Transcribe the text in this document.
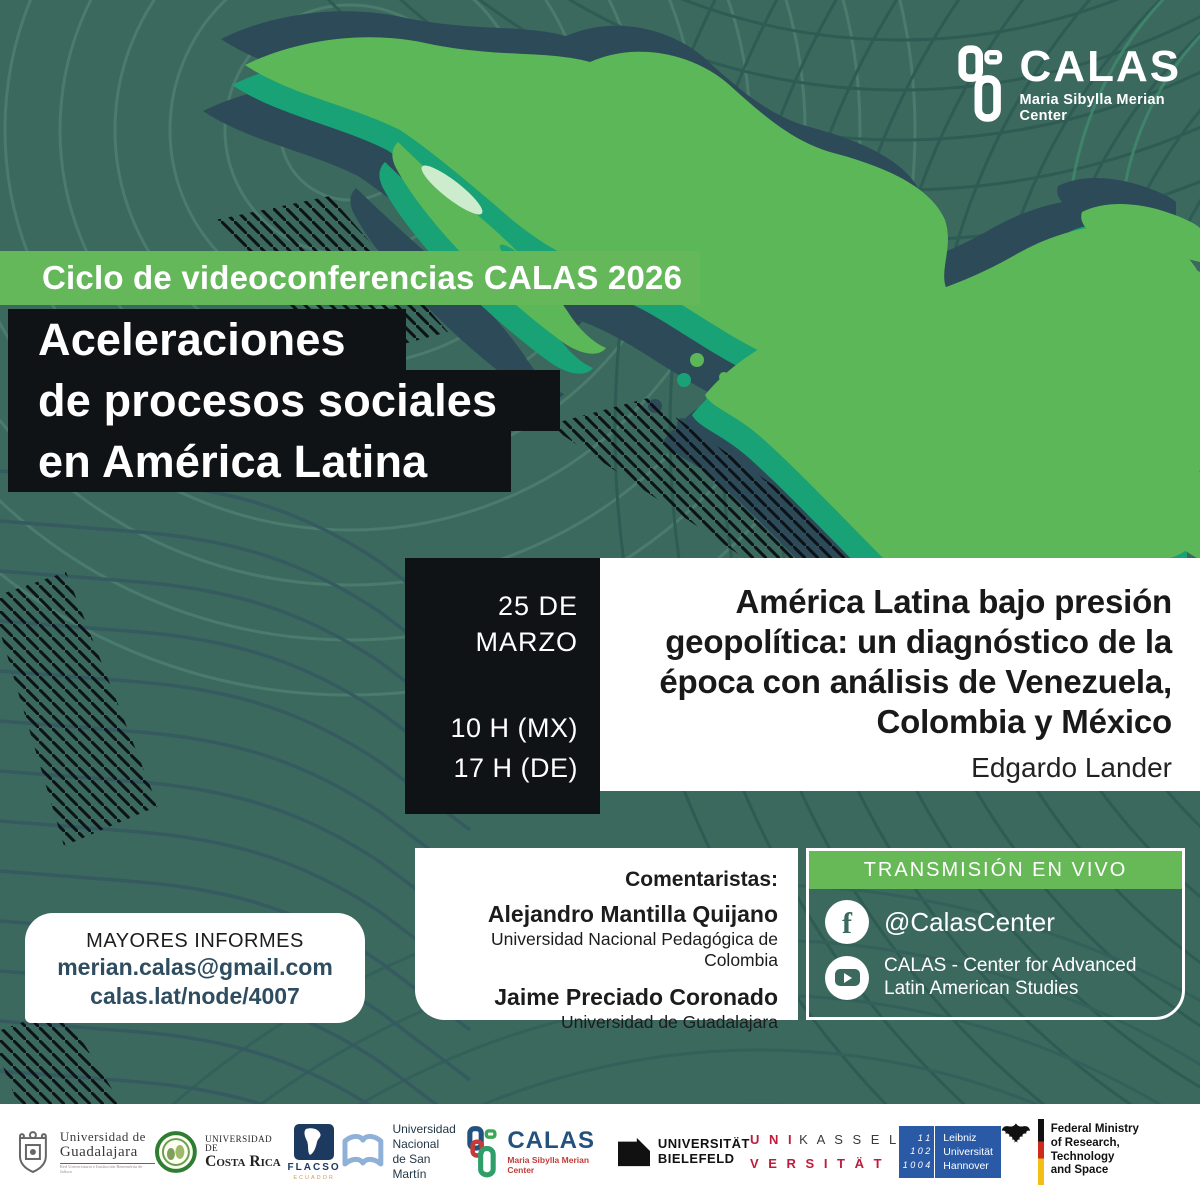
CALAS
Maria Sibylla Merian Center
Ciclo de videoconferencias CALAS 2026
Aceleraciones
de procesos sociales
en América Latina
25 DE
MARZO
10 H (MX)
17 H (DE)
América Latina bajo presión geopolítica: un diagnóstico de la época con análisis de Venezuela, Colombia y México
Edgardo Lander
Comentaristas:
Alejandro Mantilla Quijano
Universidad Nacional Pedagógica de Colombia
Jaime Preciado Coronado
Universidad de Guadalajara
TRANSMISIÓN EN VIVO
f @CalasCenter
CALAS - Center for Advanced Latin American Studies
MAYORES INFORMES
merian.calas@gmail.com
calas.lat/node/4007
Universidad de
Guadalajara
Red Universitaria e Institución Benemérita de Jalisco
UNIVERSIDAD DE
Costa Rica FLACSO
ECUADOR
Universidad
Nacional
de San Martín
CALAS
Maria Sibylla Merian Center
UNIVERSITÄT
BIELEFELD
U N I K A S S E L
V E R S I T Ä T
1 1
1 0 2
1 0 0 4
Leibniz
Universität
Hannover
Federal Ministry
of Research, Technology
and Space
